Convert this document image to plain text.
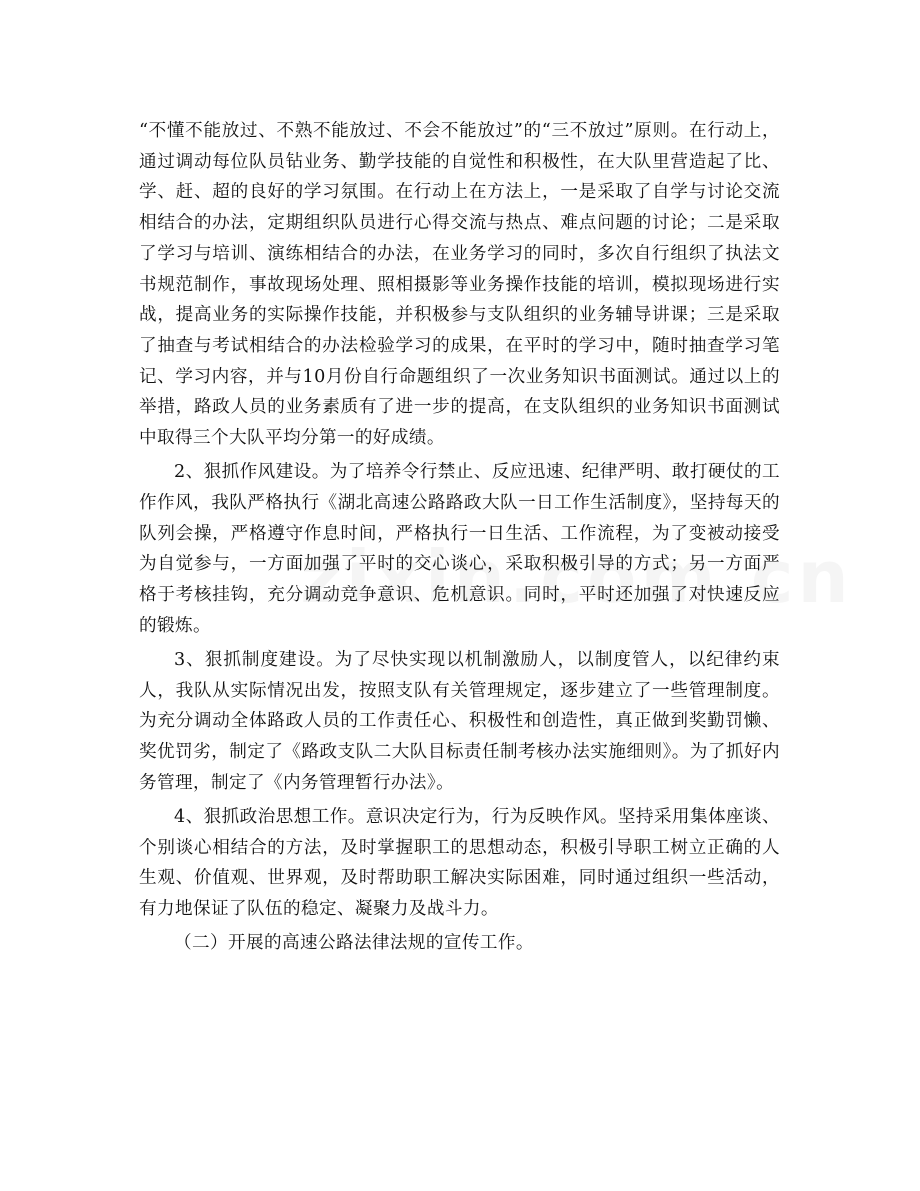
“不懂不能放过、不熟不能放过、不会不能放过”的“三不放过”原则。在行动上，通过调动每位队员钻业务、勤学技能的自觉性和积极性，在大队里营造起了比、学、赶、超的良好的学习氛围。在行动上在方法上，一是采取了自学与讨论交流相结合的办法，定期组织队员进行心得交流与热点、难点问题的讨论；二是采取了学习与培训、演练相结合的办法，在业务学习的同时，多次自行组织了执法文书规范制作，事故现场处理、照相摄影等业务操作技能的培训，模拟现场进行实战，提高业务的实际操作技能，并积极参与支队组织的业务辅导讲课；三是采取了抽查与考试相结合的办法检验学习的成果，在平时的学习中，随时抽查学习笔记、学习内容，并与10月份自行命题组织了一次业务知识书面测试。通过以上的举措，路政人员的业务素质有了进一步的提高，在支队组织的业务知识书面测试中取得三个大队平均分第一的好成绩。

2、狠抓作风建设。为了培养令行禁止、反应迅速、纪律严明、敢打硬仗的工作作风，我队严格执行《湖北高速公路路政大队一日工作生活制度》，坚持每天的队列会操，严格遵守作息时间，严格执行一日生活、工作流程，为了变被动接受为自觉参与，一方面加强了平时的交心谈心，采取积极引导的方式；另一方面严格于考核挂钩，充分调动竞争意识、危机意识。同时，平时还加强了对快速反应的锻炼。

3、狠抓制度建设。为了尽快实现以机制激励人，以制度管人，以纪律约束人，我队从实际情况出发，按照支队有关管理规定，逐步建立了一些管理制度。为充分调动全体路政人员的工作责任心、积极性和创造性，真正做到奖勤罚懒、奖优罚劣，制定了《路政支队二大队目标责任制考核办法实施细则》。为了抓好内务管理，制定了《内务管理暂行办法》。

4、狠抓政治思想工作。意识决定行为，行为反映作风。坚持采用集体座谈、个别谈心相结合的方法，及时掌握职工的思想动态，积极引导职工树立正确的人生观、价值观、世界观，及时帮助职工解决实际困难，同时通过组织一些活动，有力地保证了队伍的稳定、凝聚力及战斗力。

（二）开展的高速公路法律法规的宣传工作。
